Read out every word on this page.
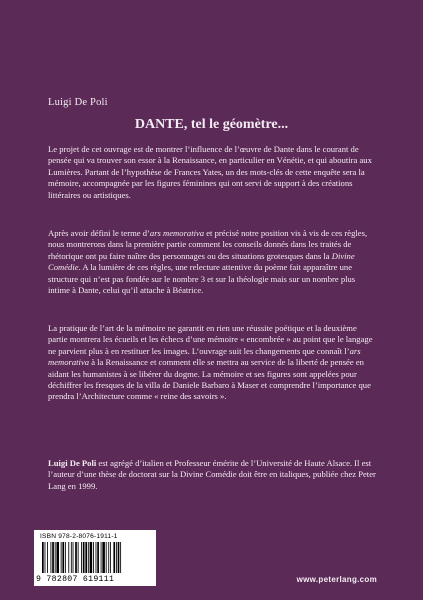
Luigi De Poli
DANTE, tel le géomètre...

Le projet de cet ouvrage est de montrer l’influence de l’œuvre de Dante dans le courant de pensée qui va trouver son essor à la Renaissance, en particulier en Vénétie, et qui aboutira aux Lumières. Partant de l’hypothèse de Frances Yates, un des mots-clés de cette enquête sera la mémoire, accompagnée par les figures féminines qui ont servi de support à des créations littéraires ou artistiques.

Après avoir défini le terme d’ars memorativa et précisé notre position vis à vis de ces règles, nous montrerons dans la première partie comment les conseils donnés dans les traités de rhétorique ont pu faire naître des personnages ou des situations grotesques dans la Divine Comédie. A la lumière de ces règles, une relecture attentive du poème fait apparaître une structure qui n’est pas fondée sur le nombre 3 et sur la théologie mais sur un nombre plus intime à Dante, celui qu’il attache à Béatrice.

La pratique de l’art de la mémoire ne garantit en rien une réussite poétique et la deuxième partie montrera les écueils et les échecs d’une mémoire « encombrée » au point que le langage ne parvient plus à en restituer les images. L’ouvrage suit les changements que connaît l’ars memorativa à la Renaissance et comment elle se mettra au service de la liberté de pensée en aidant les humanistes à se libérer du dogme. La mémoire et ses figures sont appelées pour déchiffrer les fresques de la villa de Daniele Barbaro à Maser et comprendre l’importance que prendra l’Architecture comme « reine des savoirs ».

Luigi De Poli est agrégé d’italien et Professeur émérite de l’Université de Haute Alsace. Il est l’auteur d’une thèse de doctorat sur la Divine Comédie doit être en italiques, publiée chez Peter Lang en 1999.

ISBN 978-2-8076-1911-1
9 782807 619111	www.peterlang.com
